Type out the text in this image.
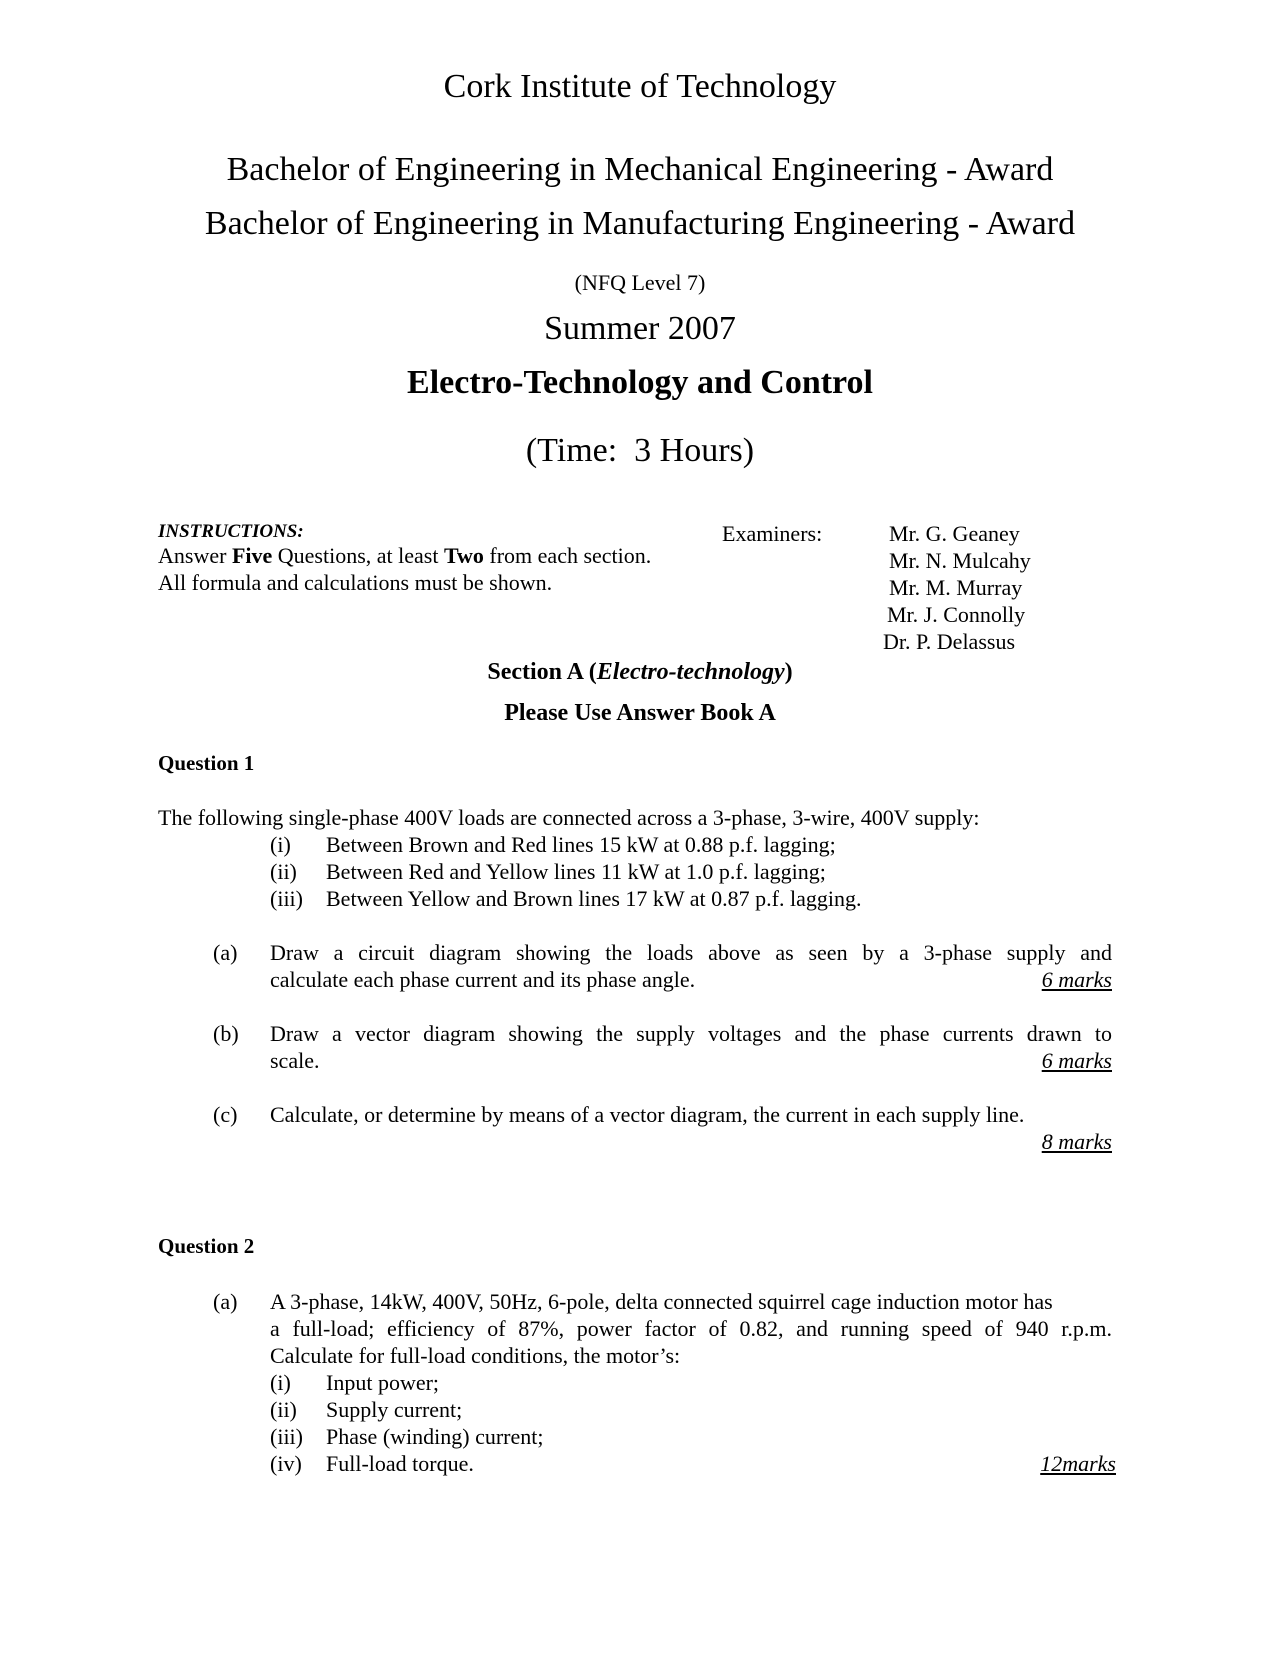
Cork Institute of Technology
Bachelor of Engineering in Mechanical Engineering - Award
Bachelor of Engineering in Manufacturing Engineering - Award
(NFQ Level 7)
Summer 2007
Electro-Technology and Control
(Time:  3 Hours)
INSTRUCTIONS:
Answer Five Questions, at least Two from each section.
All formula and calculations must be shown.
Examiners:	Mr. G. Geaney
Mr. N. Mulcahy
Mr. M. Murray
Mr. J. Connolly
Dr. P. Delassus
Section A (Electro-technology)
Please Use Answer Book A
Question 1
The following single-phase 400V loads are connected across a 3-phase, 3-wire, 400V supply:
(i) Between Brown and Red lines 15 kW at 0.88 p.f. lagging;
(ii) Between Red and Yellow lines 11 kW at 1.0 p.f. lagging;
(iii) Between Yellow and Brown lines 17 kW at 0.87 p.f. lagging.
(a) Draw a circuit diagram showing the loads above as seen by a 3-phase supply and
calculate each phase current and its phase angle.	6 marks
(b) Draw a vector diagram showing the supply voltages and the phase currents drawn to
scale.	6 marks
(c) Calculate, or determine by means of a vector diagram, the current in each supply line.
8 marks
Question 2
(a) A 3-phase, 14kW, 400V, 50Hz, 6-pole, delta connected squirrel cage induction motor has
a full-load; efficiency of 87%, power factor of 0.82, and running speed of 940 r.p.m.
Calculate for full-load conditions, the motor’s:
(i) Input power;
(ii) Supply current;
(iii) Phase (winding) current;
(iv) Full-load torque.	12marks
